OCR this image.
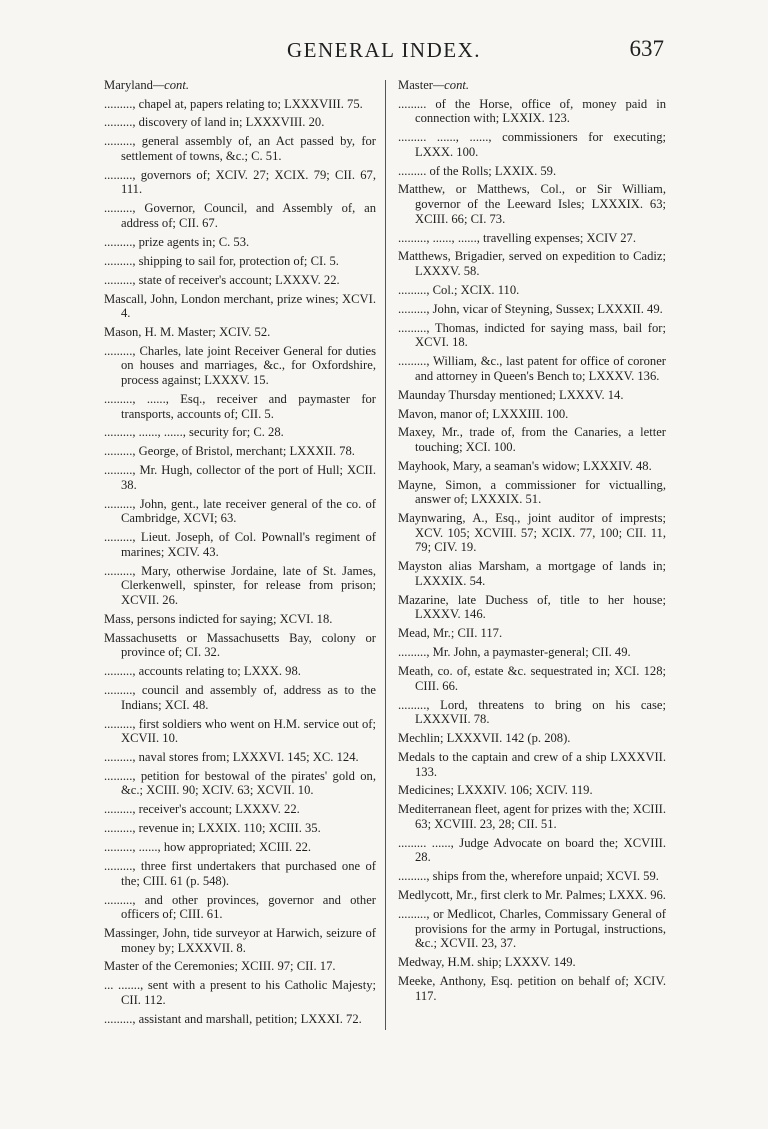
GENERAL INDEX.	637
Maryland—cont.
........., chapel at, papers relating to; LXXXVIII. 75.
........., discovery of land in; LXXXVIII. 20.
........., general assembly of, an Act passed by, for settlement of towns, &c.; C. 51.
........., governors of; XCIV. 27; XCIX. 79; CII. 67, 111.
........., Governor, Council, and Assembly of, an address of; CII. 67.
........., prize agents in; C. 53.
........., shipping to sail for, protection of; CI. 5.
........., state of receiver's account; LXXXV. 22.
Mascall, John, London merchant, prize wines; XCVI. 4.
Mason, H. M. Master; XCIV. 52.
........., Charles, late joint Receiver General for duties on houses and marriages, &c., for Oxfordshire, process against; LXXXV. 15.
........., ......, Esq., receiver and paymaster for transports, accounts of; CII. 5.
........., ......, ......, security for; C. 28.
........., George, of Bristol, merchant; LXXXII. 78.
........., Mr. Hugh, collector of the port of Hull; XCII. 38.
........., John, gent., late receiver general of the co. of Cambridge, XCVI; 63.
........., Lieut. Joseph, of Col. Pownall's regiment of marines; XCIV. 43.
........., Mary, otherwise Jordaine, late of St. James, Clerkenwell, spinster, for release from prison; XCVII. 26.
Mass, persons indicted for saying; XCVI. 18.
Massachusetts or Massachusetts Bay, colony or province of; CI. 32.
........., accounts relating to; LXXX. 98.
........., council and assembly of, address as to the Indians; XCI. 48.
........., first soldiers who went on H.M. service out of; XCVII. 10.
........., naval stores from; LXXXVI. 145; XC. 124.
........., petition for bestowal of the pirates' gold on, &c.; XCIII. 90; XCIV. 63; XCVII. 10.
........., receiver's account; LXXXV. 22.
........., revenue in; LXXIX. 110; XCIII. 35.
........., ......, how appropriated; XCIII. 22.
........., three first undertakers that purchased one of the; CIII. 61 (p. 548).
........., and other provinces, governor and other officers of; CIII. 61.
Massinger, John, tide surveyor at Harwich, seizure of money by; LXXXVII. 8.
Master of the Ceremonies; XCIII. 97; CII. 17.
... ......., sent with a present to his Catholic Majesty; CII. 112.
........., assistant and marshall, petition; LXXXI. 72.
Master—cont.
......... of the Horse, office of, money paid in connection with; LXXIX. 123.
......... ......, ......, commissioners for executing; LXXX. 100.
......... of the Rolls; LXXIX. 59.
Matthew, or Matthews, Col., or Sir William, governor of the Leeward Isles; LXXXIX. 63; XCIII. 66; CI. 73.
........., ......, ......, travelling expenses; XCIV 27.
Matthews, Brigadier, served on expedition to Cadiz; LXXXV. 58.
........., Col.; XCIX. 110.
........., John, vicar of Steyning, Sussex; LXXXII. 49.
........., Thomas, indicted for saying mass, bail for; XCVI. 18.
........., William, &c., last patent for office of coroner and attorney in Queen's Bench to; LXXXV. 136.
Maunday Thursday mentioned; LXXXV. 14.
Mavon, manor of; LXXXIII. 100.
Maxey, Mr., trade of, from the Canaries, a letter touching; XCI. 100.
Mayhook, Mary, a seaman's widow; LXXXIV. 48.
Mayne, Simon, a commissioner for victualling, answer of; LXXXIX. 51.
Maynwaring, A., Esq., joint auditor of imprests; XCV. 105; XCVIII. 57; XCIX. 77, 100; CII. 11, 79; CIV. 19.
Mayston alias Marsham, a mortgage of lands in; LXXXIX. 54.
Mazarine, late Duchess of, title to her house; LXXXV. 146.
Mead, Mr.; CII. 117.
........., Mr. John, a paymaster-general; CII. 49.
Meath, co. of, estate &c. sequestrated in; XCI. 128; CIII. 66.
........., Lord, threatens to bring on his case; LXXXVII. 78.
Mechlin; LXXXVII. 142 (p. 208).
Medals to the captain and crew of a ship LXXXVII. 133.
Medicines; LXXXIV. 106; XCIV. 119.
Mediterranean fleet, agent for prizes with the; XCIII. 63; XCVIII. 23, 28; CII. 51.
......... ......, Judge Advocate on board the; XCVIII. 28.
........., ships from the, wherefore unpaid; XCVI. 59.
Medlycott, Mr., first clerk to Mr. Palmes; LXXX. 96.
........., or Medlicot, Charles, Commissary General of provisions for the army in Portugal, instructions, &c.; XCVII. 23, 37.
Medway, H.M. ship; LXXXV. 149.
Meeke, Anthony, Esq. petition on behalf of; XCIV. 117.
